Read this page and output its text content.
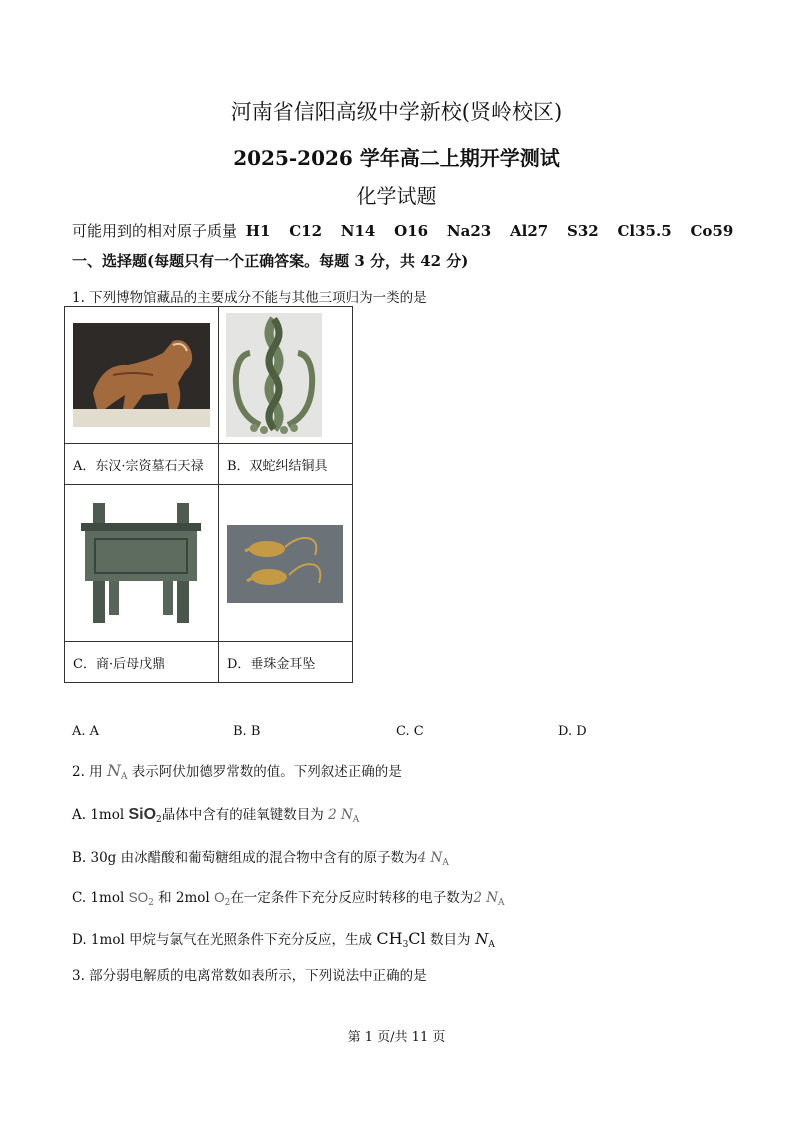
河南省信阳高级中学新校(贤岭校区)
2025-2026 学年高二上期开学测试
化学试题
可能用到的相对原子质量 H1 C12 N14 O16 Na23 Al27 S32 Cl35.5 Co59
一、选择题(每题只有一个正确答案。每题 3 分，共 42 分)
1. 下列博物馆藏品的主要成分不能与其他三项归为一类的是

A．东汉·宗资墓石天禄	B．双蛇纠结铜具

C．商·后母戊鼎	D．垂珠金耳坠
A. A	B. B	C. C	D. D
2. 用 $N_A$ 表示阿伏加德罗常数的值。下列叙述正确的是
A. 1mol SiO$_2$晶体中含有的硅氧键数目为 2 $N_A$
B. 30g 由冰醋酸和葡萄糖组成的混合物中含有的原子数为4 $N_A$
C. 1mol $SO_2$ 和 2mol $O_2$在一定条件下充分反应时转移的电子数为2 $N_A$
D. 1mol 甲烷与氯气在光照条件下充分反应，生成 $CH_3Cl$ 数目为 $N_A$
3. 部分弱电解质的电离常数如表所示，下列说法中正确的是
第 1 页/共 11 页
